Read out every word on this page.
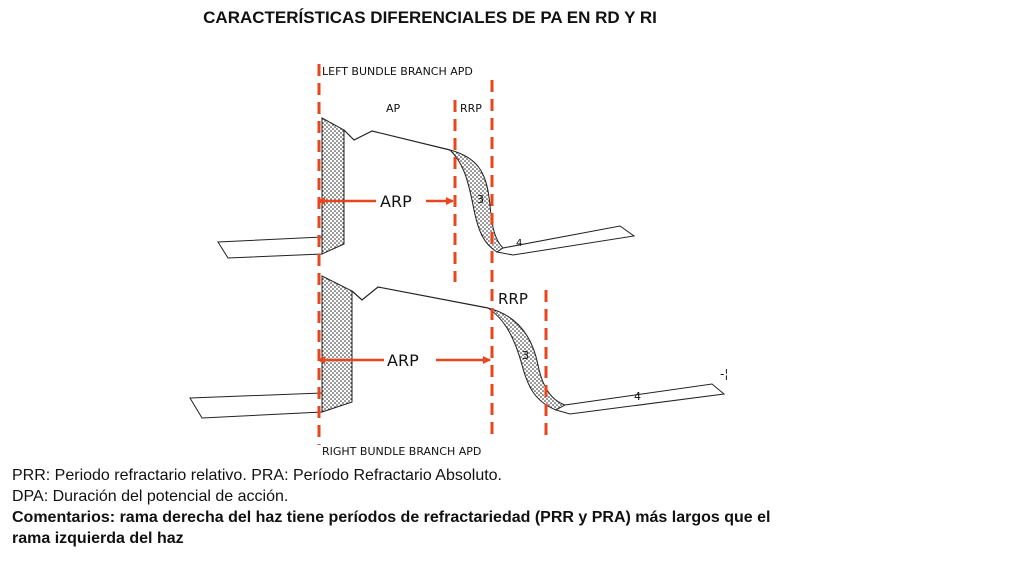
CARACTERÍSTICAS DIFERENCIALES DE PA EN RD Y RI
-¦
LEFT BUNDLE BRANCH APD
AP	RRP
ARP	3
4
RRP
ARP	3
4
RIGHT BUNDLE BRANCH APD
PRR: Periodo refractario relativo. PRA: Período Refractario Absoluto.
DPA: Duración del potencial de acción.
Comentarios: rama derecha del haz tiene períodos de refractariedad (PRR y PRA) más largos que el
rama izquierda del haz
